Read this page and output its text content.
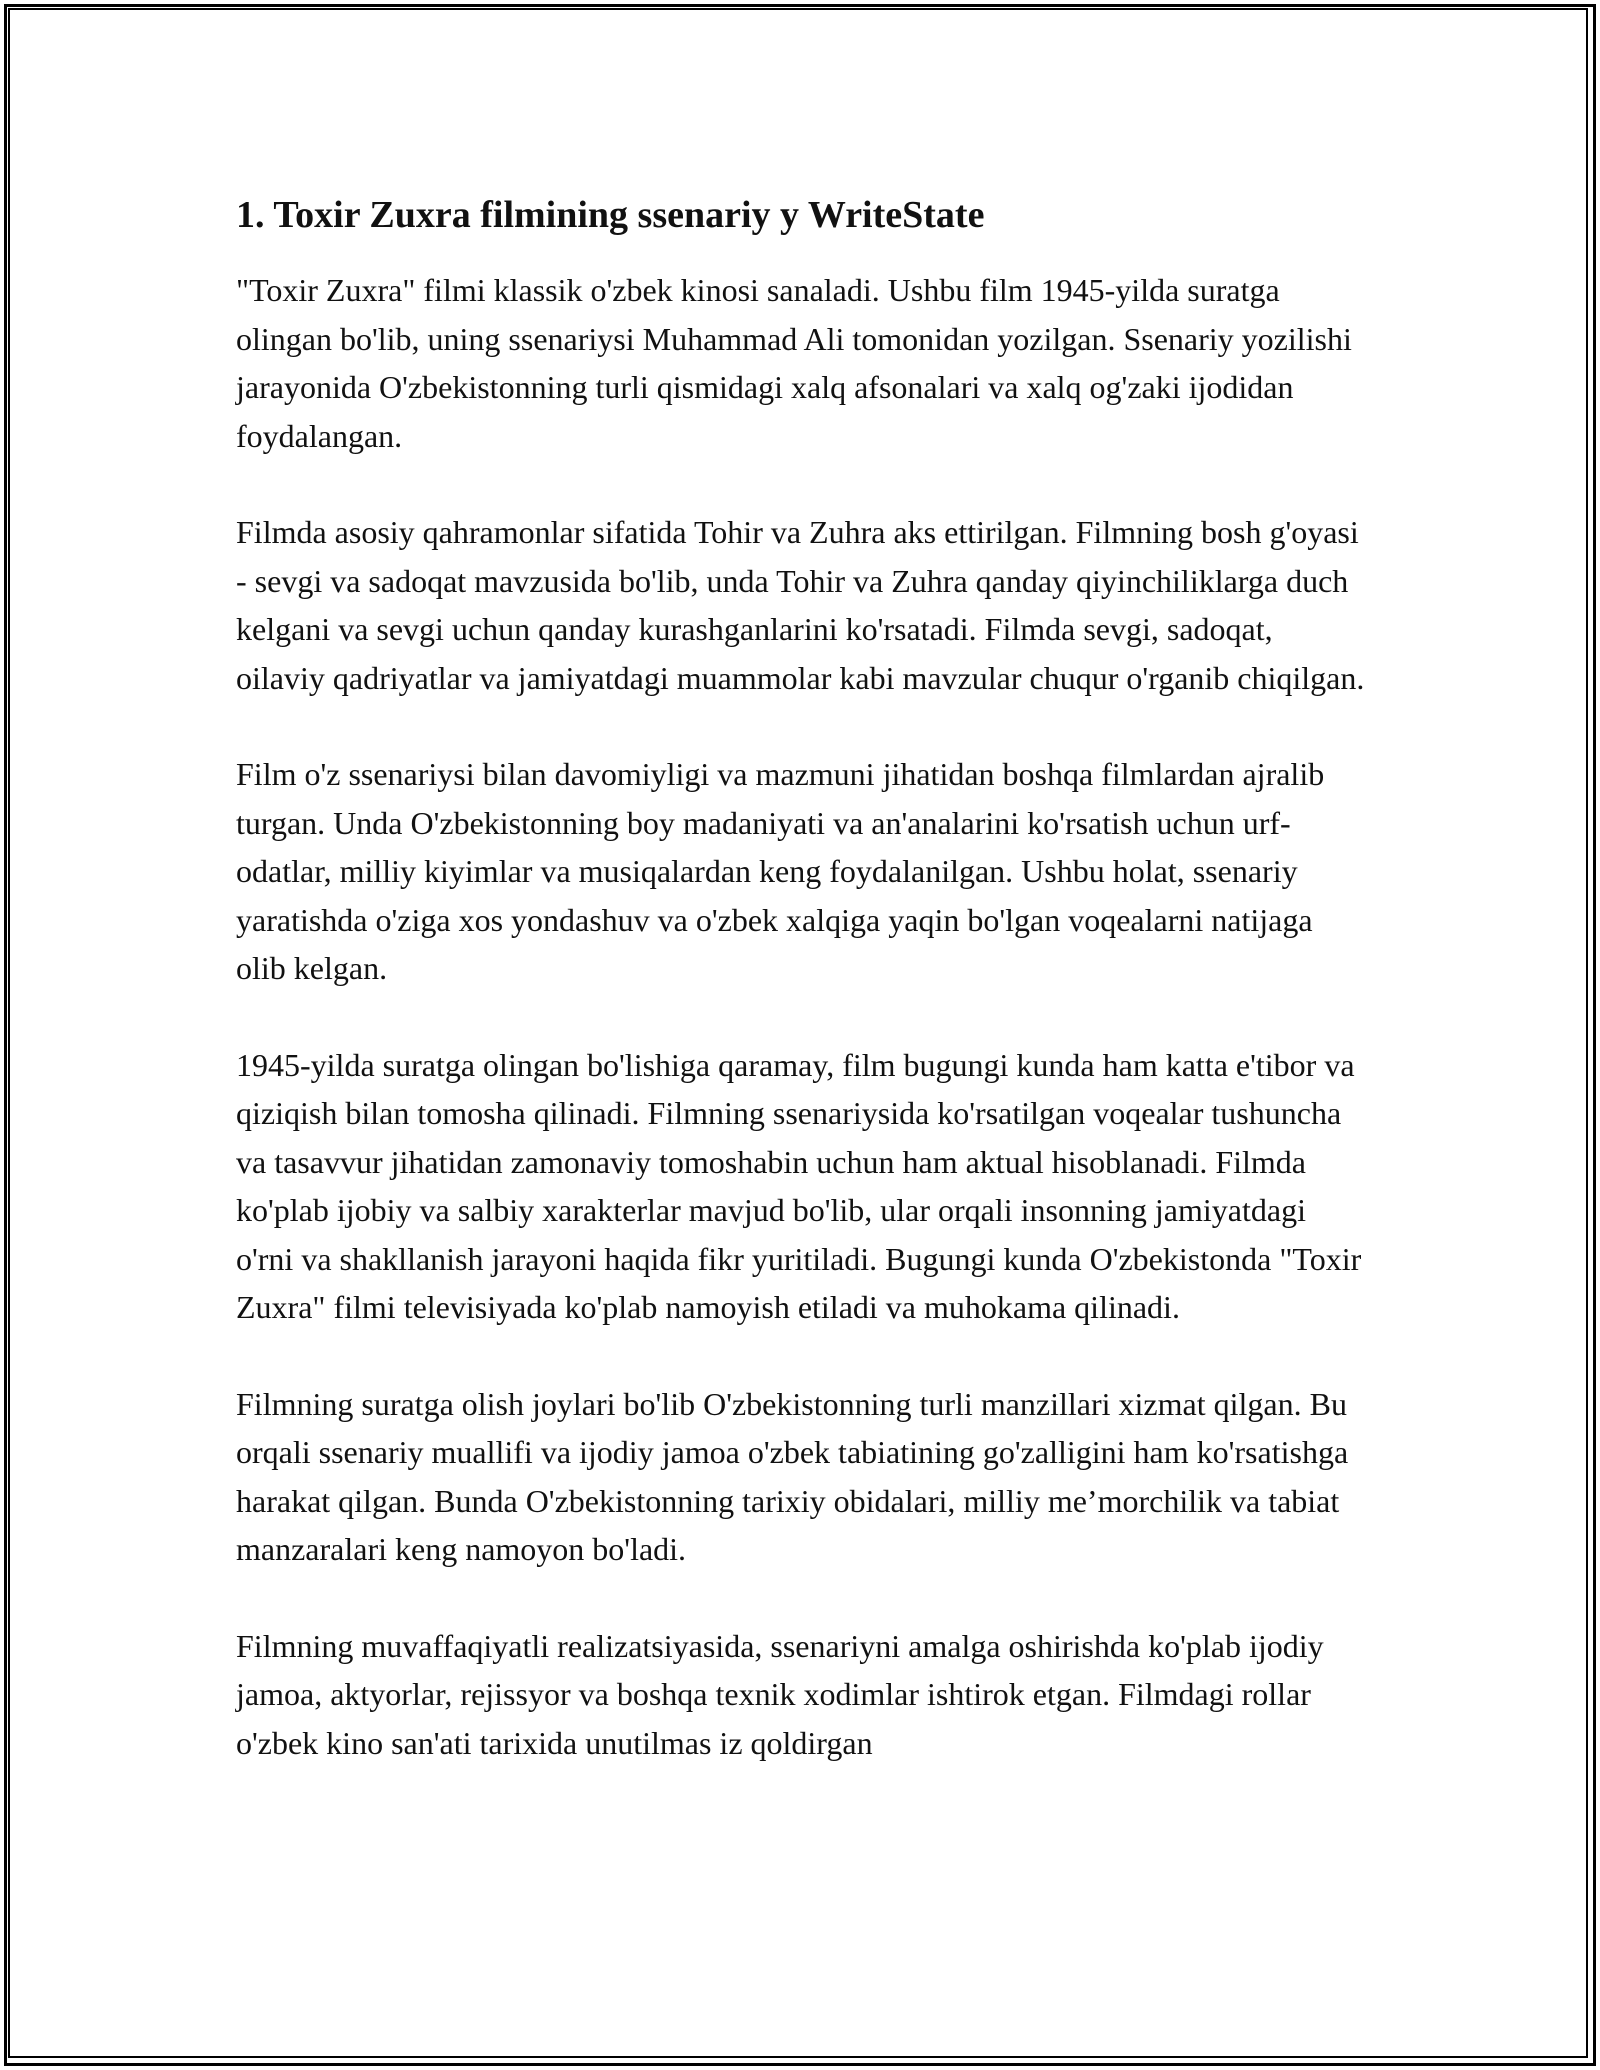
1. Toxir Zuxra filmining ssenariy y WriteState

"Toxir Zuxra" filmi klassik o'zbek kinosi sanaladi. Ushbu film 1945-yilda suratga olingan bo'lib, uning ssenariysi Muhammad Ali tomonidan yozilgan. Ssenariy yozilishi jarayonida O'zbekistonning turli qismidagi xalq afsonalari va xalq og'zaki ijodidan foydalangan.

Filmda asosiy qahramonlar sifatida Tohir va Zuhra aks ettirilgan. Filmning bosh g'oyasi - sevgi va sadoqat mavzusida bo'lib, unda Tohir va Zuhra qanday qiyinchiliklarga duch kelgani va sevgi uchun qanday kurashganlarini ko'rsatadi. Filmda sevgi, sadoqat, oilaviy qadriyatlar va jamiyatdagi muammolar kabi mavzular chuqur o'rganib chiqilgan.

Film o'z ssenariysi bilan davomiyligi va mazmuni jihatidan boshqa filmlardan ajralib turgan. Unda O'zbekistonning boy madaniyati va an'analarini ko'rsatish uchun urf-odatlar, milliy kiyimlar va musiqalardan keng foydalanilgan. Ushbu holat, ssenariy yaratishda o'ziga xos yondashuv va o'zbek xalqiga yaqin bo'lgan voqealarni natijaga olib kelgan.

1945-yilda suratga olingan bo'lishiga qaramay, film bugungi kunda ham katta e'tibor va qiziqish bilan tomosha qilinadi. Filmning ssenariysida ko'rsatilgan voqealar tushuncha va tasavvur jihatidan zamonaviy tomoshabin uchun ham aktual hisoblanadi. Filmda ko'plab ijobiy va salbiy xarakterlar mavjud bo'lib, ular orqali insonning jamiyatdagi o'rni va shakllanish jarayoni haqida fikr yuritiladi. Bugungi kunda O'zbekistonda "Toxir Zuxra" filmi televisiyada ko'plab namoyish etiladi va muhokama qilinadi.

Filmning suratga olish joylari bo'lib O'zbekistonning turli manzillari xizmat qilgan. Bu orqali ssenariy muallifi va ijodiy jamoa o'zbek tabiatining go'zalligini ham ko'rsatishga harakat qilgan. Bunda O'zbekistonning tarixiy obidalari, milliy me’morchilik va tabiat manzaralari keng namoyon bo'ladi.

Filmning muvaffaqiyatli realizatsiyasida, ssenariyni amalga oshirishda ko'plab ijodiy jamoa, aktyorlar, rejissyor va boshqa texnik xodimlar ishtirok etgan. Filmdagi rollar o'zbek kino san'ati tarixida unutilmas iz qoldirgan
